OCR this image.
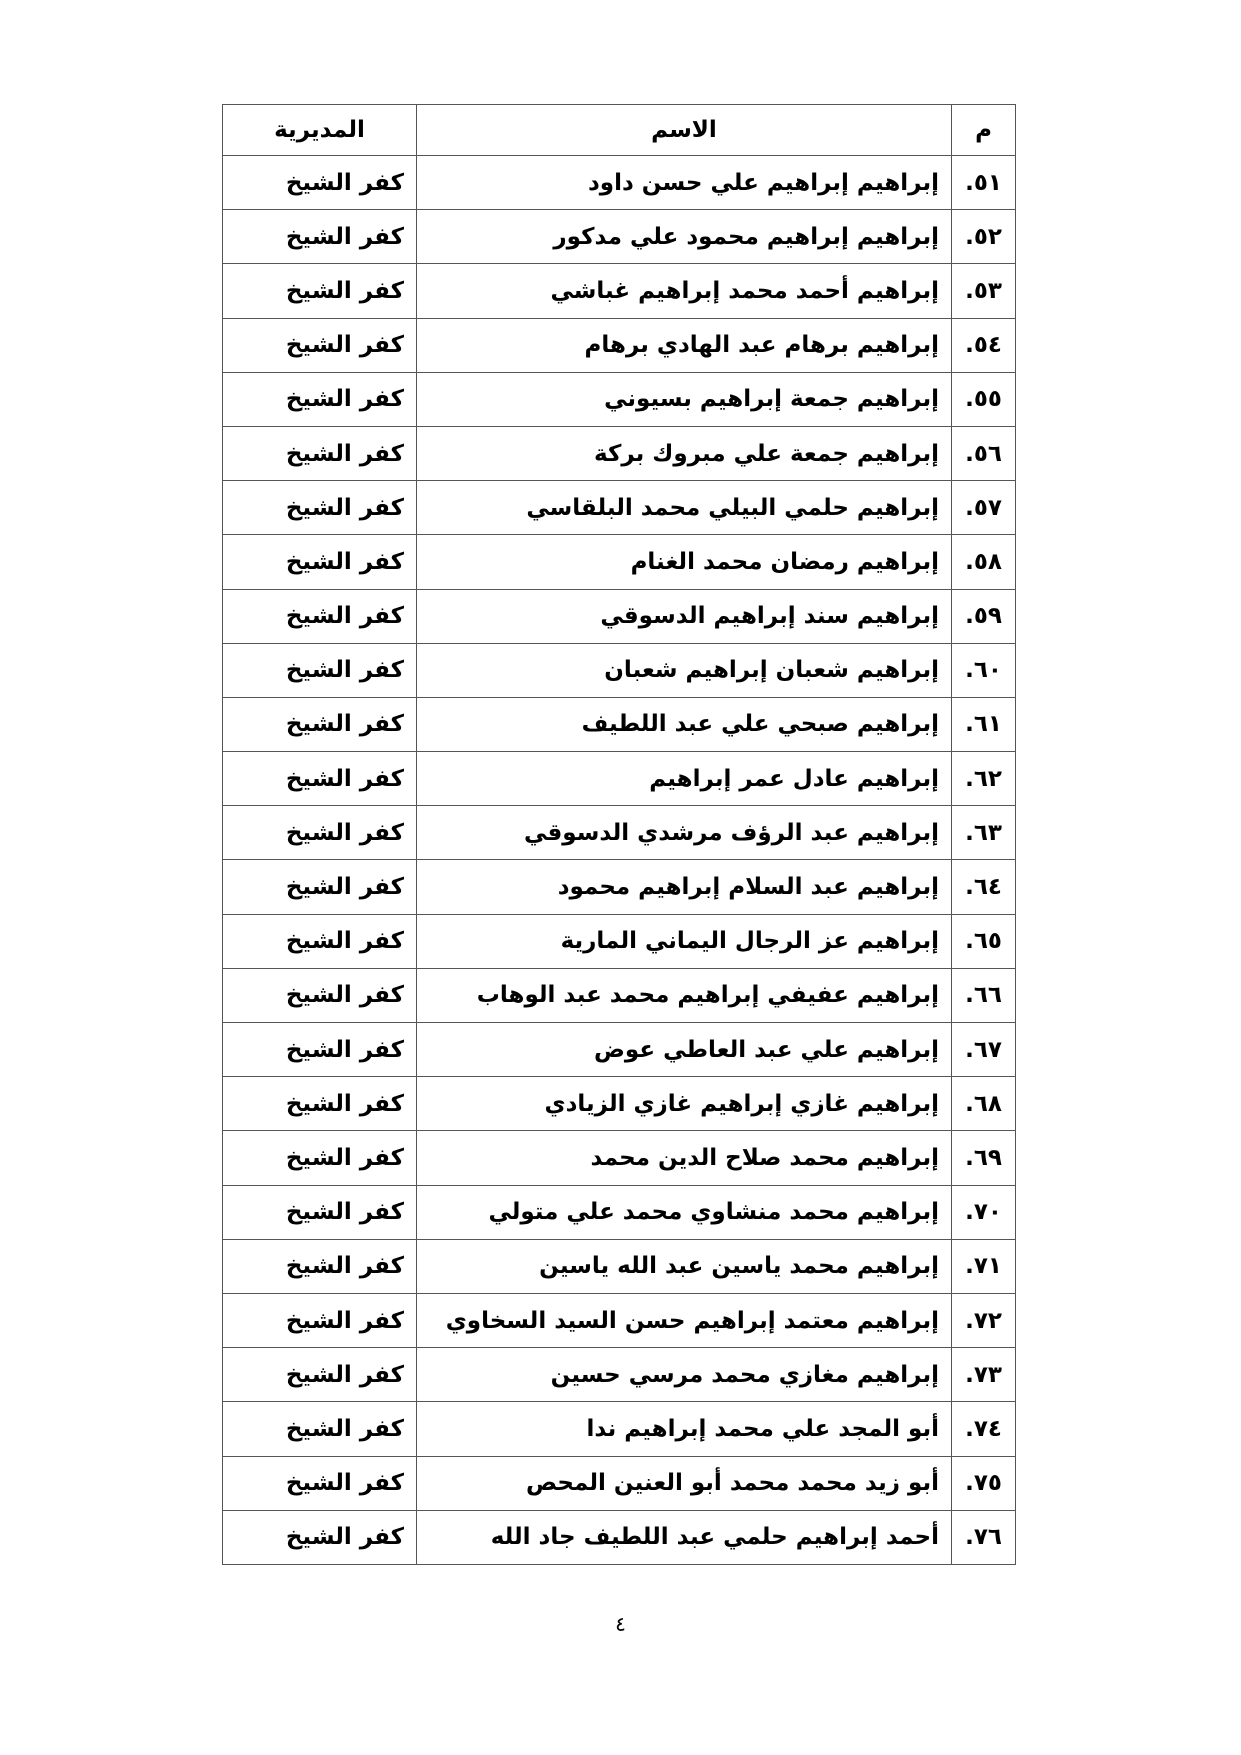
م	الاسم	المديرية
٥١.	إبراهيم إبراهيم علي حسن داود	كفر الشيخ
٥٢.	إبراهيم إبراهيم محمود علي مدكور	كفر الشيخ
٥٣.	إبراهيم أحمد محمد إبراهيم غباشي	كفر الشيخ
٥٤.	إبراهيم برهام عبد الهادي برهام	كفر الشيخ
٥٥.	إبراهيم جمعة إبراهيم بسيوني	كفر الشيخ
٥٦.	إبراهيم جمعة علي مبروك بركة	كفر الشيخ
٥٧.	إبراهيم حلمي البيلي محمد البلقاسي	كفر الشيخ
٥٨.	إبراهيم رمضان محمد الغنام	كفر الشيخ
٥٩.	إبراهيم سند إبراهيم الدسوقي	كفر الشيخ
٦٠.	إبراهيم شعبان إبراهيم شعبان	كفر الشيخ
٦١.	إبراهيم صبحي علي عبد اللطيف	كفر الشيخ
٦٢.	إبراهيم عادل عمر إبراهيم	كفر الشيخ
٦٣.	إبراهيم عبد الرؤف مرشدي الدسوقي	كفر الشيخ
٦٤.	إبراهيم عبد السلام إبراهيم محمود	كفر الشيخ
٦٥.	إبراهيم عز الرجال اليماني المارية	كفر الشيخ
٦٦.	إبراهيم عفيفي إبراهيم محمد عبد الوهاب	كفر الشيخ
٦٧.	إبراهيم علي عبد العاطي عوض	كفر الشيخ
٦٨.	إبراهيم غازي إبراهيم غازي الزيادي	كفر الشيخ
٦٩.	إبراهيم محمد صلاح الدين محمد	كفر الشيخ
٧٠.	إبراهيم محمد منشاوي محمد علي متولي	كفر الشيخ
٧١.	إبراهيم محمد ياسين عبد الله ياسين	كفر الشيخ
٧٢.	إبراهيم معتمد إبراهيم حسن السيد السخاوي	كفر الشيخ
٧٣.	إبراهيم مغازي محمد مرسي حسين	كفر الشيخ
٧٤.	أبو المجد علي محمد إبراهيم ندا	كفر الشيخ
٧٥.	أبو زيد محمد محمد أبو العنين المحص	كفر الشيخ
٧٦.	أحمد إبراهيم حلمي عبد اللطيف جاد الله	كفر الشيخ
٤
